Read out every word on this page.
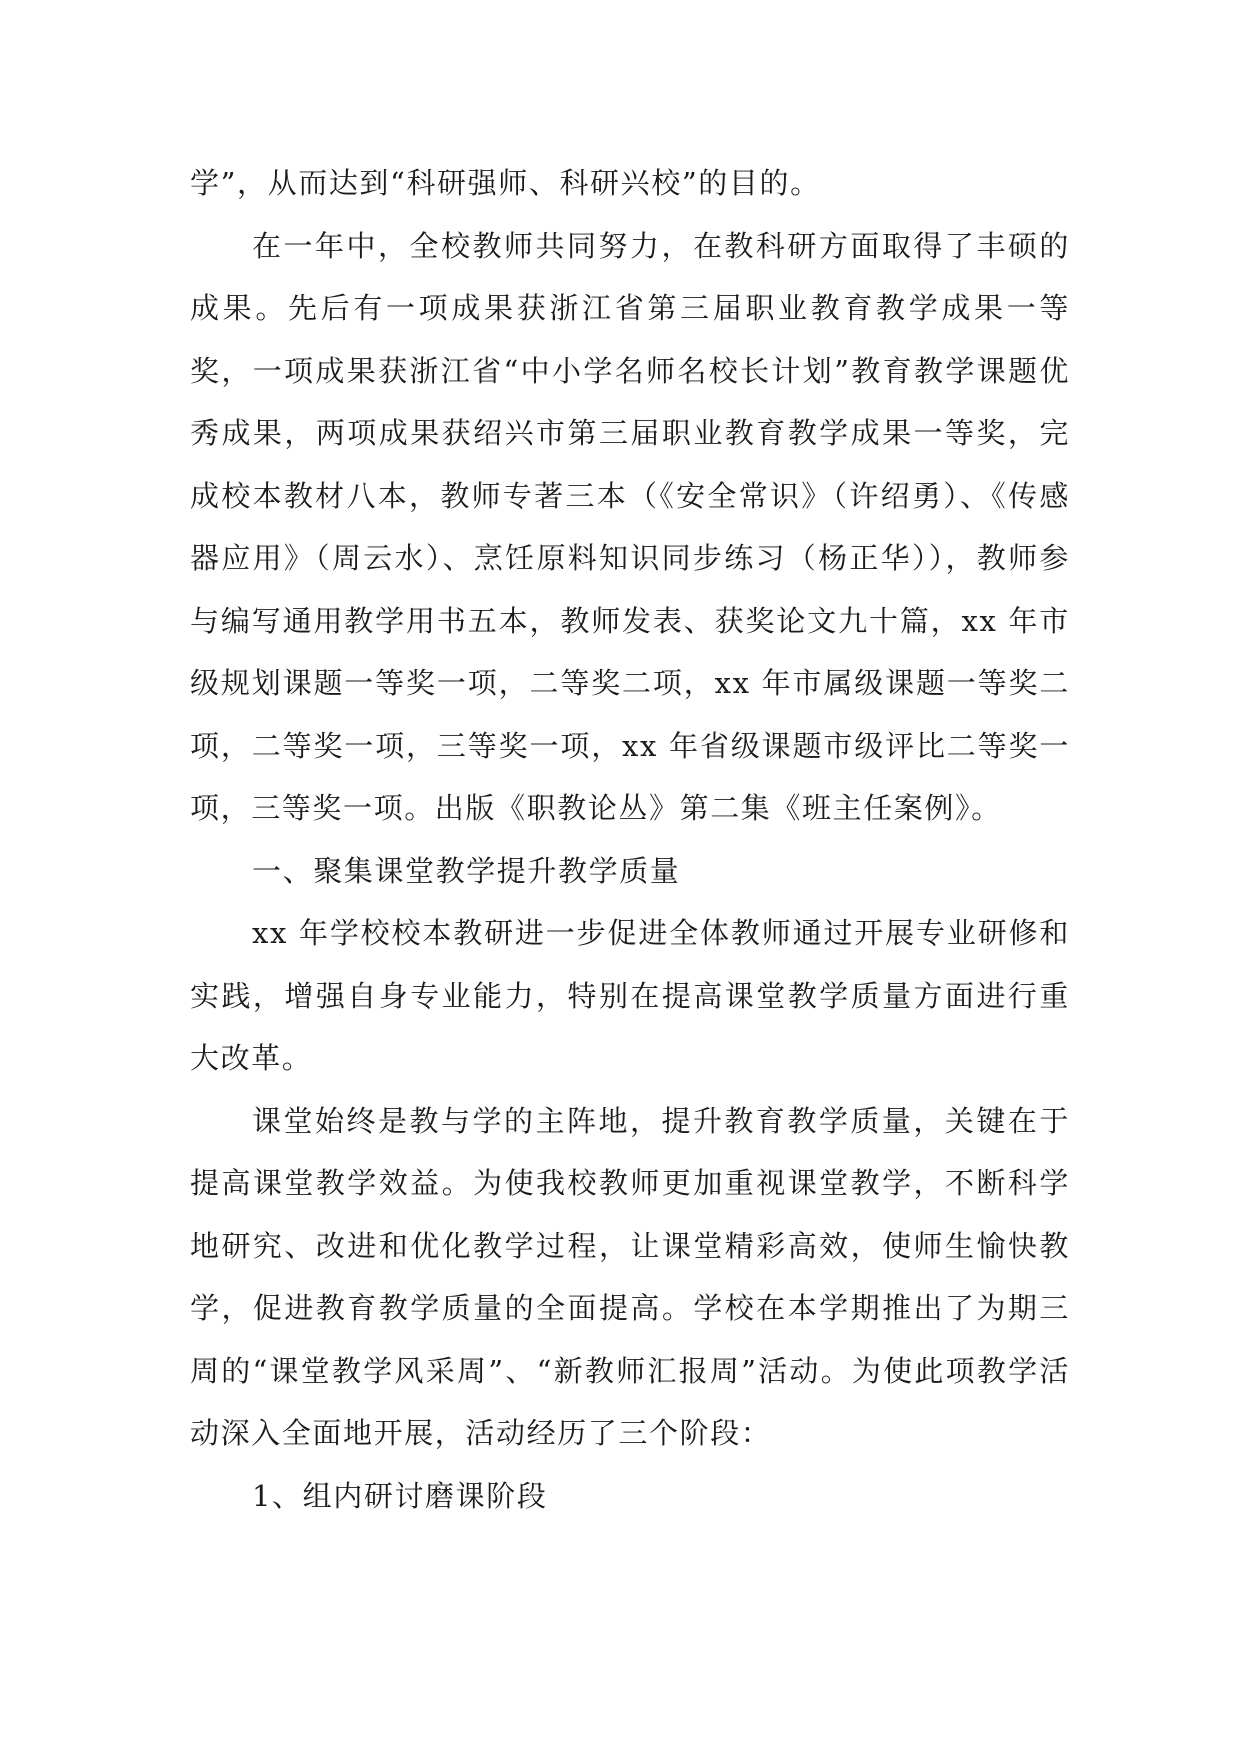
学”，从而达到“科研强师、科研兴校”的目的。

在一年中，全校教师共同努力，在教科研方面取得了丰硕的成果。先后有一项成果获浙江省第三届职业教育教学成果一等奖，一项成果获浙江省“中小学名师名校长计划”教育教学课题优秀成果，两项成果获绍兴市第三届职业教育教学成果一等奖，完成校本教材八本，教师专著三本（《安全常识》（许绍勇）、《传感器应用》（周云水）、烹饪原料知识同步练习（杨正华）），教师参与编写通用教学用书五本，教师发表、获奖论文九十篇，xx 年市级规划课题一等奖一项，二等奖二项，xx 年市属级课题一等奖二项，二等奖一项，三等奖一项，xx 年省级课题市级评比二等奖一项，三等奖一项。出版《职教论丛》第二集《班主任案例》。

一、聚集课堂教学提升教学质量

xx 年学校校本教研进一步促进全体教师通过开展专业研修和实践，增强自身专业能力，特别在提高课堂教学质量方面进行重大改革。

课堂始终是教与学的主阵地，提升教育教学质量，关键在于提高课堂教学效益。为使我校教师更加重视课堂教学，不断科学地研究、改进和优化教学过程，让课堂精彩高效，使师生愉快教学，促进教育教学质量的全面提高。学校在本学期推出了为期三周的“课堂教学风采周”、“新教师汇报周”活动。为使此项教学活动深入全面地开展，活动经历了三个阶段：

1、组内研讨磨课阶段
